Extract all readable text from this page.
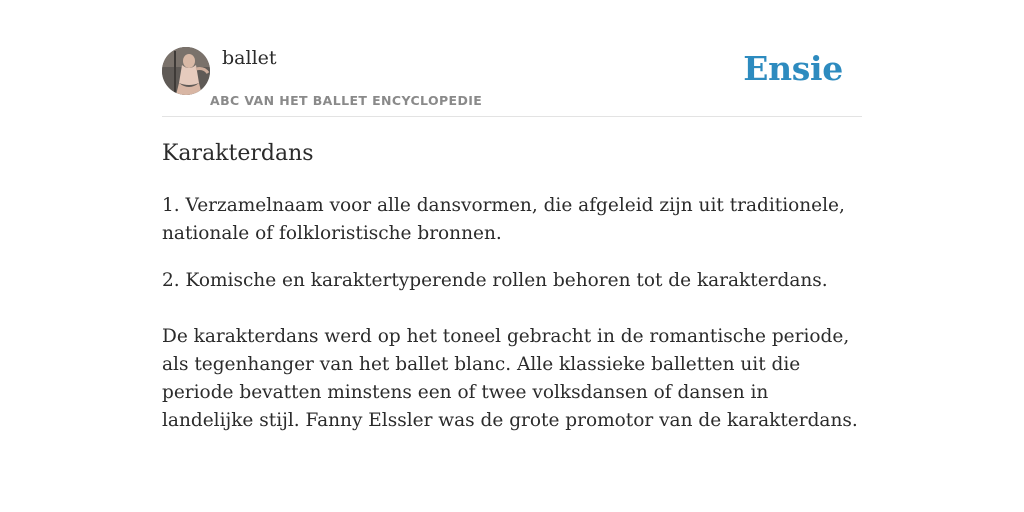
ballet
ABC VAN HET BALLET ENCYCLOPEDIE
Ensie
Karakterdans

1. Verzamelnaam voor alle dansvormen, die afgeleid zijn uit traditionele, nationale of folkloristische bronnen.

2. Komische en karaktertyperende rollen behoren tot de karakterdans.

De karakterdans werd op het toneel gebracht in de romantische periode, als tegenhanger van het ballet blanc. Alle klassieke balletten uit die periode bevatten minstens een of twee volksdansen of dansen in landelijke stijl. Fanny Elssler was de grote promotor van de karakterdans.
